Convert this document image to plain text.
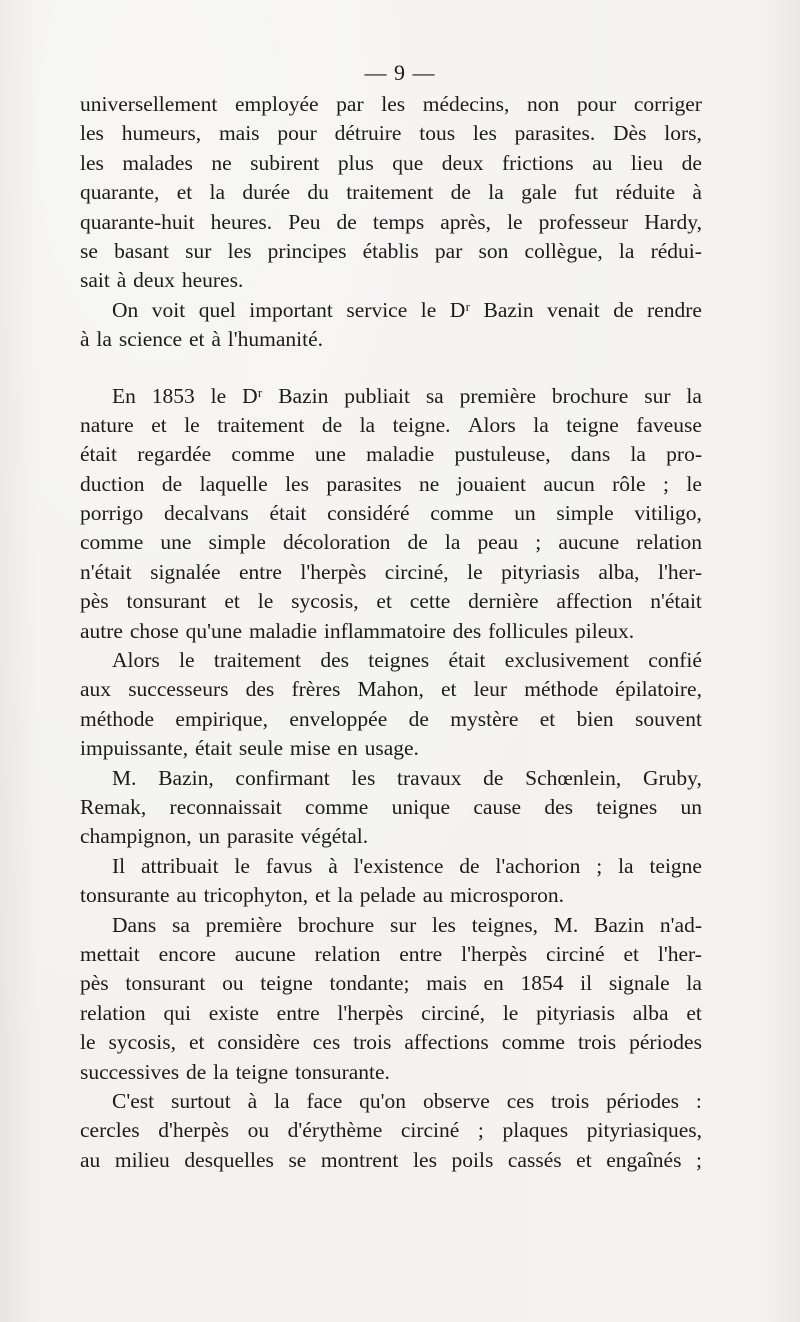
— 9 —
universellement employée par les médecins, non pour corriger
les humeurs, mais pour détruire tous les parasites. Dès lors,
les malades ne subirent plus que deux frictions au lieu de
quarante, et la durée du traitement de la gale fut réduite à
quarante-huit heures. Peu de temps après, le professeur Hardy,
se basant sur les principes établis par son collègue, la rédui-
sait à deux heures.
On voit quel important service le Dʳ Bazin venait de rendre
à la science et à l'humanité.
En 1853 le Dʳ Bazin publiait sa première brochure sur la
nature et le traitement de la teigne. Alors la teigne faveuse
était regardée comme une maladie pustuleuse, dans la pro-
duction de laquelle les parasites ne jouaient aucun rôle ; le
porrigo decalvans était considéré comme un simple vitiligo,
comme une simple décoloration de la peau ; aucune relation
n'était signalée entre l'herpès circiné, le pityriasis alba, l'her-
pès tonsurant et le sycosis, et cette dernière affection n'était
autre chose qu'une maladie inflammatoire des follicules pileux.
Alors le traitement des teignes était exclusivement confié
aux successeurs des frères Mahon, et leur méthode épilatoire,
méthode empirique, enveloppée de mystère et bien souvent
impuissante, était seule mise en usage.
M. Bazin, confirmant les travaux de Schœnlein, Gruby,
Remak, reconnaissait comme unique cause des teignes un
champignon, un parasite végétal.
Il attribuait le favus à l'existence de l'achorion ; la teigne
tonsurante au tricophyton, et la pelade au microsporon.
Dans sa première brochure sur les teignes, M. Bazin n'ad-
mettait encore aucune relation entre l'herpès circiné et l'her-
pès tonsurant ou teigne tondante; mais en 1854 il signale la
relation qui existe entre l'herpès circiné, le pityriasis alba et
le sycosis, et considère ces trois affections comme trois périodes
successives de la teigne tonsurante.
C'est surtout à la face qu'on observe ces trois périodes :
cercles d'herpès ou d'érythème circiné ; plaques pityriasiques,
au milieu desquelles se montrent les poils cassés et engaînés ;
